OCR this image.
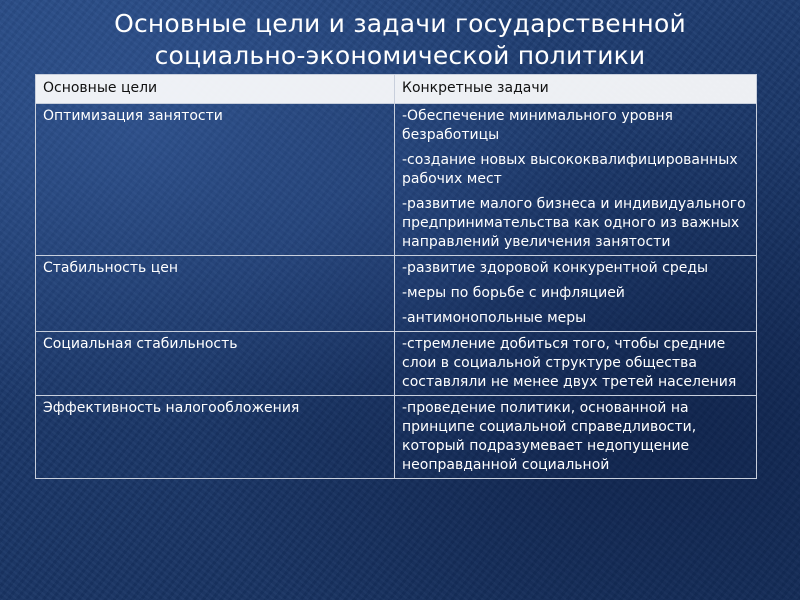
Основные цели и задачи государственной
социально-экономической политики
Основные цели	Конкретные задачи
Оптимизация занятости	-Обеспечение минимального уровня безработицы
-создание новых высококвалифицированных рабочих мест
-развитие малого бизнеса и индивидуального предпринимательства как одного из важных направлений увеличения занятости

Стабильность цен	-развитие здоровой конкурентной среды
-меры по борьбе с инфляцией
-антимонопольные меры

Социальная стабильность	-стремление добиться того, чтобы средние слои в социальной структуре общества составляли не менее двух третей населения

Эффективность налогообложения	-проведение политики, основанной на принципе социальной справедливости, который подразумевает недопущение неоправданной социальной
